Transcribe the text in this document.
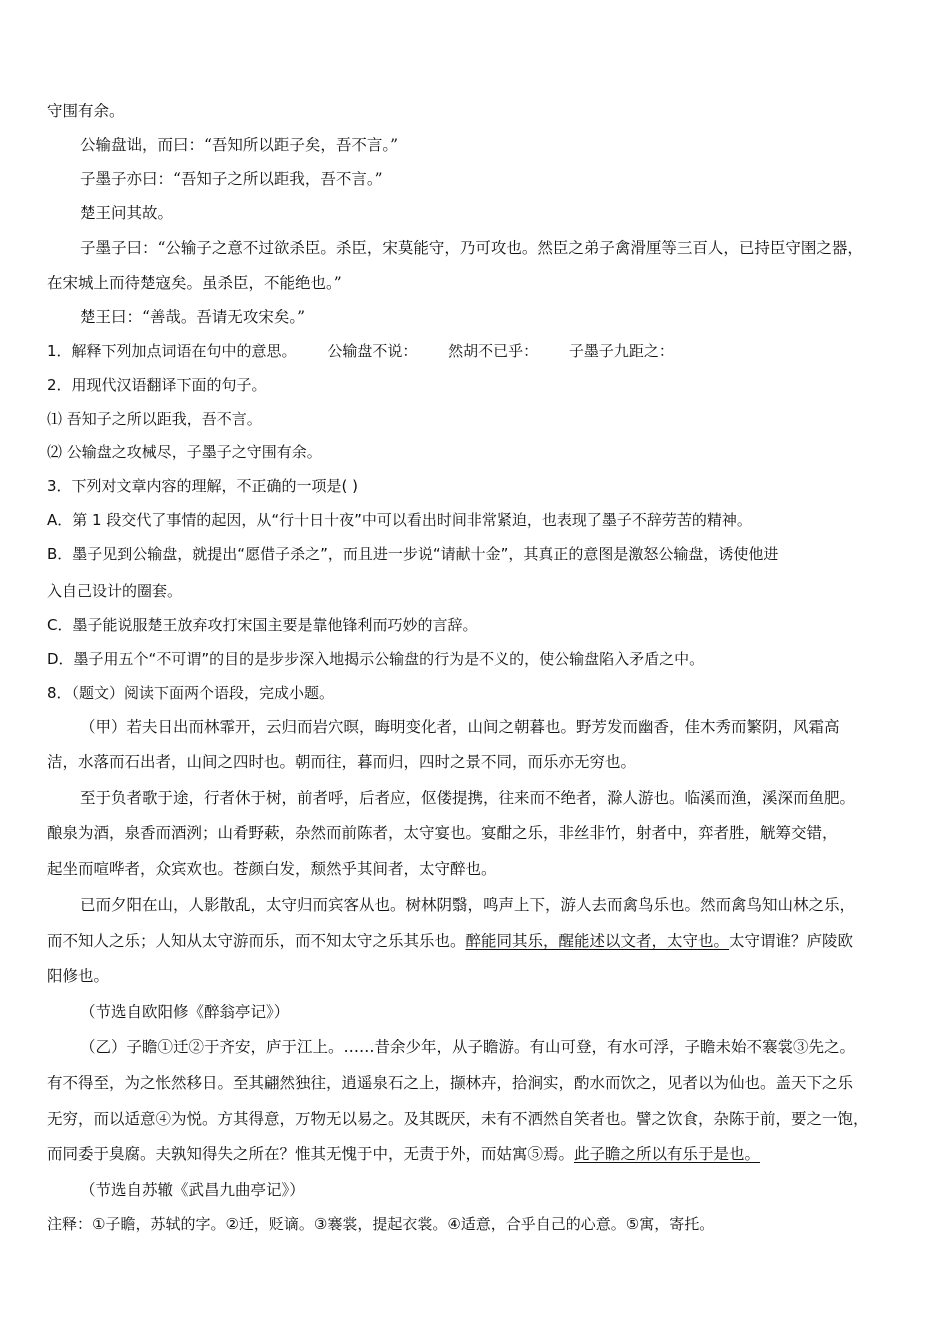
守围有余。
公输盘诎，而曰：“吾知所以距子矣，吾不言。”
子墨子亦曰：“吾知子之所以距我，吾不言。”
楚王问其故。
子墨子曰：“公输子之意不过欲杀臣。杀臣，宋莫能守，乃可攻也。然臣之弟子禽滑厘等三百人，已持臣守圉之器，
在宋城上而待楚寇矣。虽杀臣，不能绝也。”
楚王曰：“善哉。吾请无攻宋矣。”
1．解释下列加点词语在句中的意思。 公输盘不说： 然胡不已乎： 子墨子九距之：
2．用现代汉语翻译下面的句子。
⑴ 吾知子之所以距我，吾不言。
⑵ 公输盘之攻械尽，子墨子之守围有余。
3．下列对文章内容的理解，不正确的一项是( )
A．第 1 段交代了事情的起因，从“行十日十夜”中可以看出时间非常紧迫，也表现了墨子不辞劳苦的精神。
B．墨子见到公输盘，就提出“愿借子杀之”，而且进一步说“请献十金”，其真正的意图是激怒公输盘，诱使他进
入自己设计的圈套。
C．墨子能说服楚王放弃攻打宋国主要是靠他锋利而巧妙的言辞。
D．墨子用五个“不可谓”的目的是步步深入地揭示公输盘的行为是不义的，使公输盘陷入矛盾之中。
8．（题文）阅读下面两个语段，完成小题。
（甲）若夫日出而林霏开，云归而岩穴暝，晦明变化者，山间之朝暮也。野芳发而幽香，佳木秀而繁阴，风霜高
洁，水落而石出者，山间之四时也。朝而往，暮而归，四时之景不同，而乐亦无穷也。
至于负者歌于途，行者休于树，前者呼，后者应，伛偻提携，往来而不绝者，滁人游也。临溪而渔，溪深而鱼肥。
酿泉为酒，泉香而酒洌；山肴野蔌，杂然而前陈者，太守宴也。宴酣之乐，非丝非竹，射者中，弈者胜，觥筹交错，
起坐而喧哗者，众宾欢也。苍颜白发，颓然乎其间者，太守醉也。
已而夕阳在山，人影散乱，太守归而宾客从也。树林阴翳，鸣声上下，游人去而禽鸟乐也。然而禽鸟知山林之乐，
而不知人之乐；人知从太守游而乐，而不知太守之乐其乐也。醉能同其乐，醒能述以文者，太守也。太守谓谁？庐陵欧
阳修也。
（节选自欧阳修《醉翁亭记》）
（乙）子瞻①迁②于齐安，庐于江上。……昔余少年，从子瞻游。有山可登，有水可浮，子瞻未始不褰裳③先之。
有不得至，为之怅然移日。至其翩然独往，逍遥泉石之上，撷林卉，拾涧实，酌水而饮之，见者以为仙也。盖天下之乐
无穷，而以适意④为悦。方其得意，万物无以易之。及其既厌，未有不洒然自笑者也。譬之饮食，杂陈于前，要之一饱，
而同委于臭腐。夫孰知得失之所在？惟其无愧于中，无责于外，而姑寓⑤焉。此子瞻之所以有乐于是也。
（节选自苏辙《武昌九曲亭记》）
注释：①子瞻，苏轼的字。②迁，贬谪。③褰裳，提起衣裳。④适意，合乎自己的心意。⑤寓，寄托。
